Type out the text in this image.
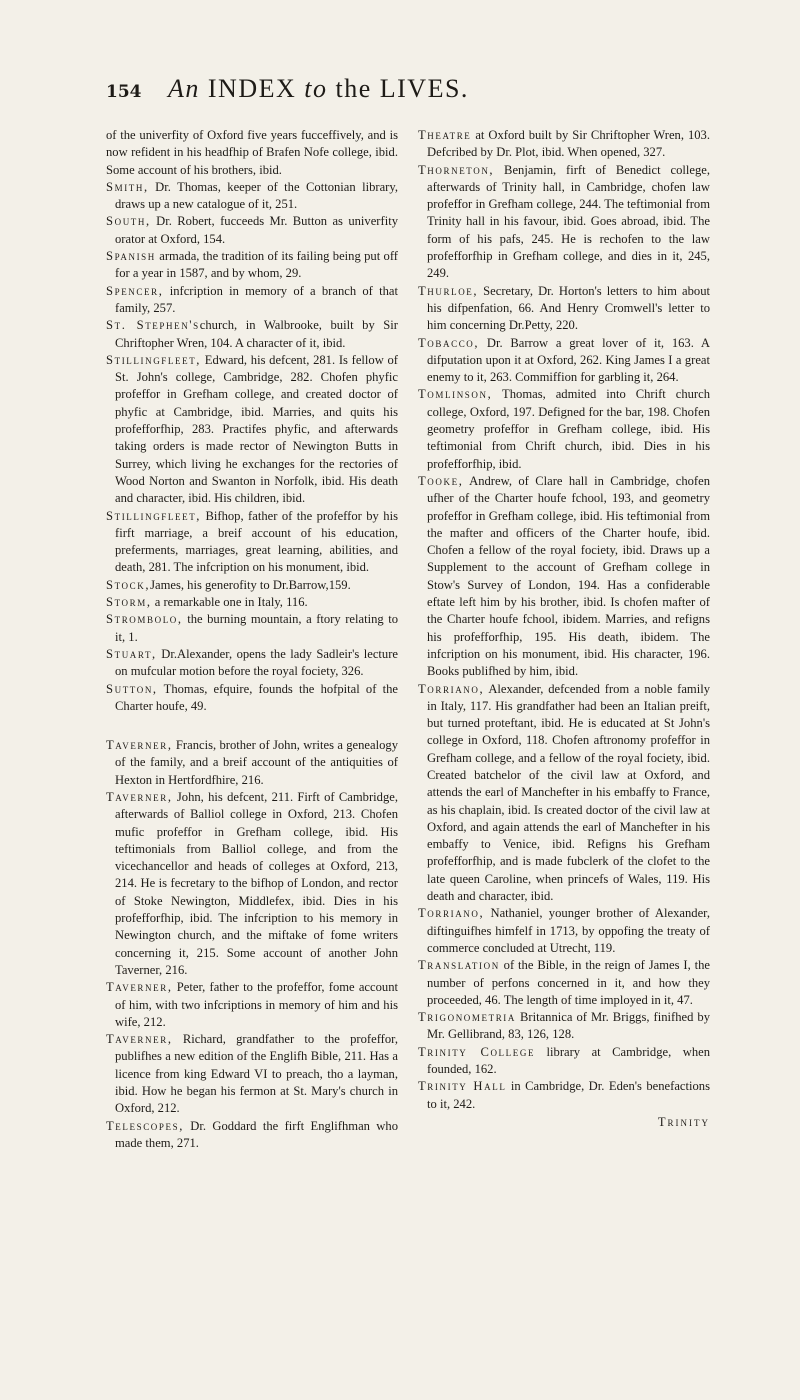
154	An INDEX to the LIVES.

of the univerfity of Oxford five years fucceffively, and is now refident in his headfhip of Brafen Nofe college, ibid. Some account of his brothers, ibid.

Smith, Dr. Thomas, keeper of the Cottonian library, draws up a new catalogue of it, 251.

South, Dr. Robert, fucceeds Mr. Button as univerfity orator at Oxford, 154.

Spanish armada, the tradition of its failing being put off for a year in 1587, and by whom, 29.

Spencer, infcription in memory of a branch of that family, 257.

St. Stephen'schurch, in Walbrooke, built by Sir Chriftopher Wren, 104. A character of it, ibid.

Stillingfleet, Edward, his defcent, 281. Is fellow of St. John's college, Cambridge, 282. Chofen phyfic profeffor in Grefham college, and created doctor of phyfic at Cambridge, ibid. Marries, and quits his profefforfhip, 283. Practifes phyfic, and afterwards taking orders is made rector of Newington Butts in Surrey, which living he exchanges for the rectories of Wood Norton and Swanton in Norfolk, ibid. His death and character, ibid. His children, ibid.

Stillingfleet, Bifhop, father of the profeffor by his firft marriage, a breif account of his education, preferments, marriages, great learning, abilities, and death, 281. The infcription on his monument, ibid.

Stock,James, his generofity to Dr.Barrow,159.

Storm, a remarkable one in Italy, 116.

Strombolo, the burning mountain, a ftory relating to it, 1.

Stuart, Dr.Alexander, opens the lady Sadleir's lecture on mufcular motion before the royal fociety, 326.

Sutton, Thomas, efquire, founds the hofpital of the Charter houfe, 49.

Taverner, Francis, brother of John, writes a genealogy of the family, and a breif account of the antiquities of Hexton in Hertfordfhire, 216.

Taverner, John, his defcent, 211. Firft of Cambridge, afterwards of Balliol college in Oxford, 213. Chofen mufic profeffor in Grefham college, ibid. His teftimonials from Balliol college, and from the vicechancellor and heads of colleges at Oxford, 213, 214. He is fecretary to the bifhop of London, and rector of Stoke Newington, Middlefex, ibid. Dies in his profefforfhip, ibid. The infcription to his memory in Newington church, and the miftake of fome writers concerning it, 215. Some account of another John Taverner, 216.

Taverner, Peter, father to the profeffor, fome account of him, with two infcriptions in memory of him and his wife, 212.

Taverner, Richard, grandfather to the profeffor, publifhes a new edition of the Englifh Bible, 211. Has a licence from king Edward VI to preach, tho a layman, ibid. How he began his fermon at St. Mary's church in Oxford, 212.

Telescopes, Dr. Goddard the firft Englifhman who made them, 271.

Theatre at Oxford built by Sir Chriftopher Wren, 103. Defcribed by Dr. Plot, ibid. When opened, 327.

Thorneton, Benjamin, firft of Benedict college, afterwards of Trinity hall, in Cambridge, chofen law profeffor in Grefham college, 244. The teftimonial from Trinity hall in his favour, ibid. Goes abroad, ibid. The form of his pafs, 245. He is rechofen to the law profefforfhip in Grefham college, and dies in it, 245, 249.

Thurloe, Secretary, Dr. Horton's letters to him about his difpenfation, 66. And Henry Cromwell's letter to him concerning Dr.Petty, 220.

Tobacco, Dr. Barrow a great lover of it, 163. A difputation upon it at Oxford, 262. King James I a great enemy to it, 263. Commiffion for garbling it, 264.

Tomlinson, Thomas, admited into Chrift church college, Oxford, 197. Defigned for the bar, 198. Chofen geometry profeffor in Grefham college, ibid. His teftimonial from Chrift church, ibid. Dies in his profefforfhip, ibid.

Tooke, Andrew, of Clare hall in Cambridge, chofen ufher of the Charter houfe fchool, 193, and geometry profeffor in Grefham college, ibid. His teftimonial from the mafter and officers of the Charter houfe, ibid. Chofen a fellow of the royal fociety, ibid. Draws up a Supplement to the account of Grefham college in Stow's Survey of London, 194. Has a confiderable eftate left him by his brother, ibid. Is chofen mafter of the Charter houfe fchool, ibidem. Marries, and refigns his profefforfhip, 195. His death, ibidem. The infcription on his monument, ibid. His character, 196. Books publifhed by him, ibid.

Torriano, Alexander, defcended from a noble family in Italy, 117. His grandfather had been an Italian preift, but turned proteftant, ibid. He is educated at St John's college in Oxford, 118. Chofen aftronomy profeffor in Grefham college, and a fellow of the royal fociety, ibid. Created batchelor of the civil law at Oxford, and attends the earl of Manchefter in his embaffy to France, as his chaplain, ibid. Is created doctor of the civil law at Oxford, and again attends the earl of Manchefter in his embaffy to Venice, ibid. Refigns his Grefham profefforfhip, and is made fubclerk of the clofet to the late queen Caroline, when princefs of Wales, 119. His death and character, ibid.

Torriano, Nathaniel, younger brother of Alexander, diftinguifhes himfelf in 1713, by oppofing the treaty of commerce concluded at Utrecht, 119.

Translation of the Bible, in the reign of James I, the number of perfons concerned in it, and how they proceeded, 46. The length of time imployed in it, 47.

Trigonometria Britannica of Mr. Briggs, finifhed by Mr. Gellibrand, 83, 126, 128.

Trinity College library at Cambridge, when founded, 162.

Trinity Hall in Cambridge, Dr. Eden's benefactions to it, 242.

Trinity
